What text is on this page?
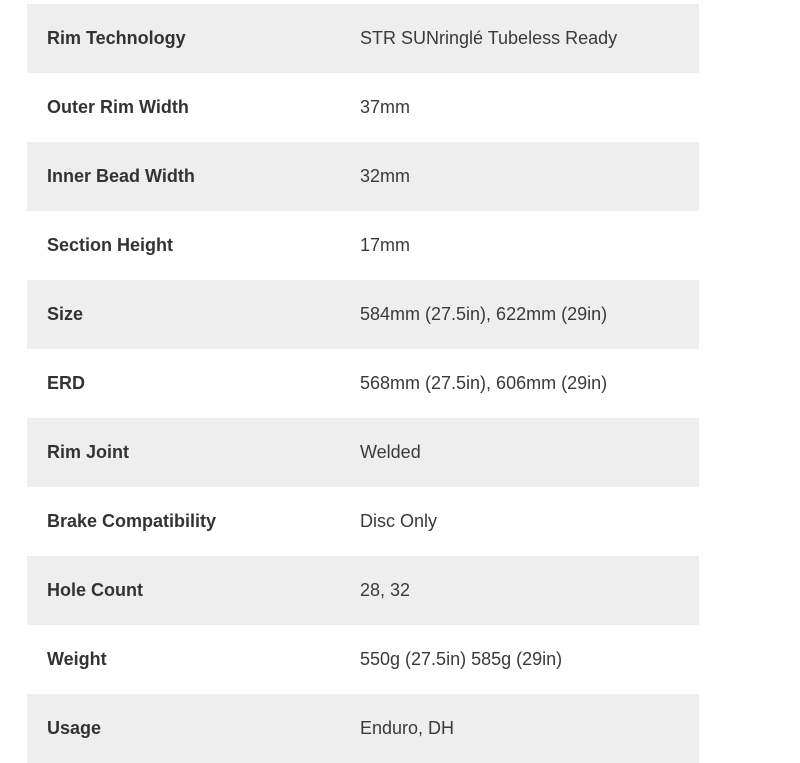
Rim Technology	STR SUNringlé Tubeless Ready
Outer Rim Width	37mm
Inner Bead Width	32mm
Section Height	17mm
Size	584mm (27.5in), 622mm (29in)
ERD	568mm (27.5in), 606mm (29in)
Rim Joint	Welded
Brake Compatibility	Disc Only
Hole Count	28, 32
Weight	550g (27.5in) 585g (29in)
Usage	Enduro, DH
